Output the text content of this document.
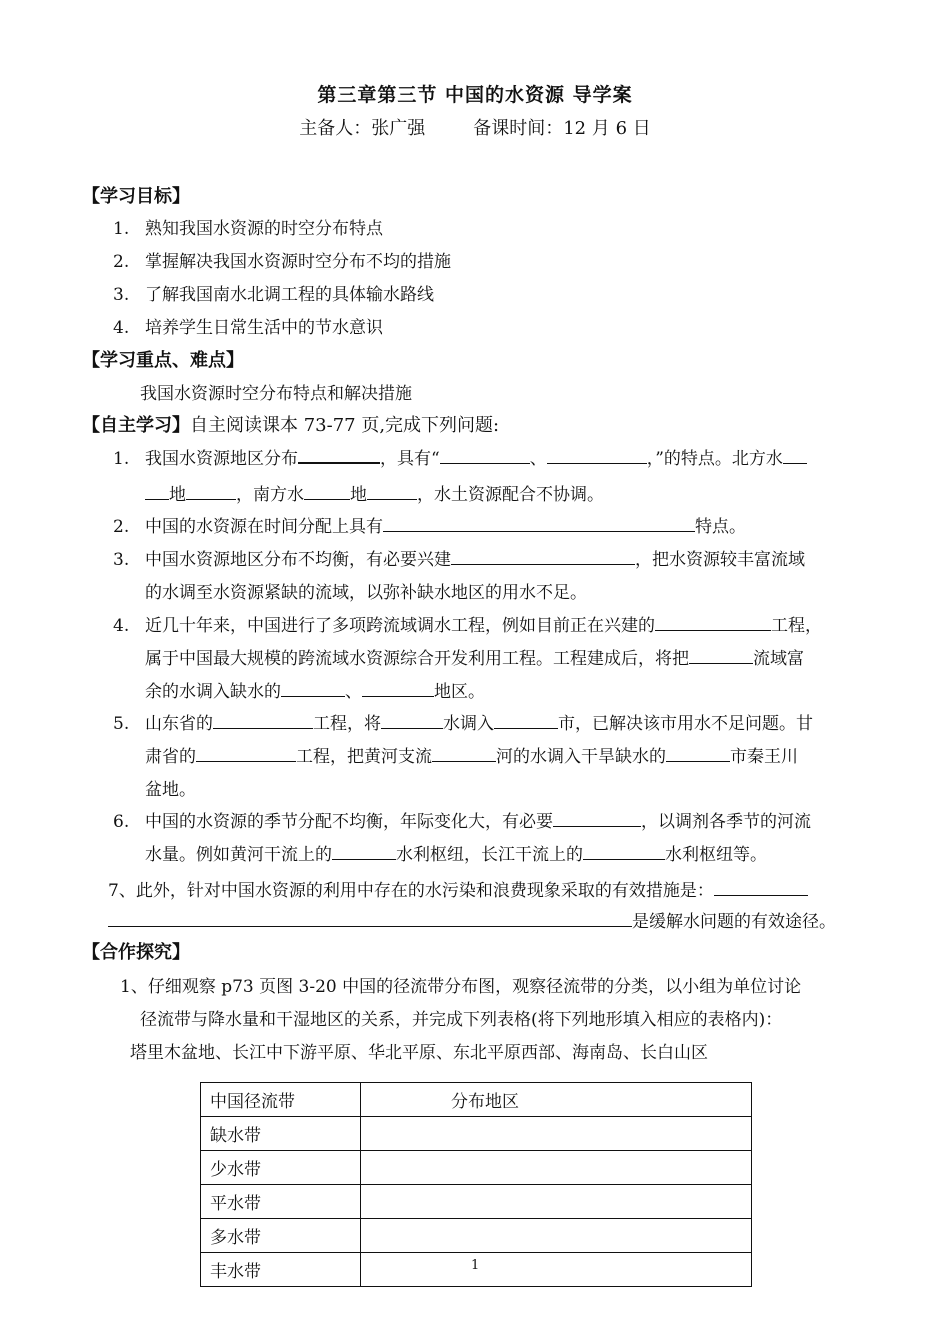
第三章第三节 中国的水资源 导学案
主备人：张广强	备课时间：12 月 6 日
【学习目标】
1. 熟知我国水资源的时空分布特点
2. 掌握解决我国水资源时空分布不均的措施
3. 了解我国南水北调工程的具体输水路线
4. 培养学生日常生活中的节水意识
【学习重点、难点】
我国水资源时空分布特点和解决措施
【自主学习】自主阅读课本 73-77 页,完成下列问题:
1. 我国水资源地区分布	，具有“	、	，”的特点。北方水
地	，南方水	地	，水土资源配合不协调。
2. 中国的水资源在时间分配上具有	特点。
3. 中国水资源地区分布不均衡，有必要兴建	，把水资源较丰富流域
的水调至水资源紧缺的流域，以弥补缺水地区的用水不足。
4. 近几十年来，中国进行了多项跨流域调水工程，例如目前正在兴建的	工程，
属于中国最大规模的跨流域水资源综合开发利用工程。工程建成后，将把	流域富
余的水调入缺水的	、	地区。
5. 山东省的	工程，将	水调入	市，已解决该市用水不足问题。甘
肃省的	工程，把黄河支流	河的水调入干旱缺水的	市秦王川
盆地。
6. 中国的水资源的季节分配不均衡，年际变化大，有必要	，以调剂各季节的河流
水量。例如黄河干流上的	水利枢纽，长江干流上的	水利枢纽等。
7、此外，针对中国水资源的利用中存在的水污染和浪费现象采取的有效措施是：
是缓解水问题的有效途径。
【合作探究】
1、仔细观察 p73 页图 3-20 中国的径流带分布图，观察径流带的分类，以小组为单位讨论
径流带与降水量和干湿地区的关系，并完成下列表格(将下列地形填入相应的表格内)：
塔里木盆地、长江中下游平原、华北平原、东北平原西部、海南岛、长白山区
中国径流带	分布地区
缺水带	
少水带	
平水带	
多水带	
丰水带		1
